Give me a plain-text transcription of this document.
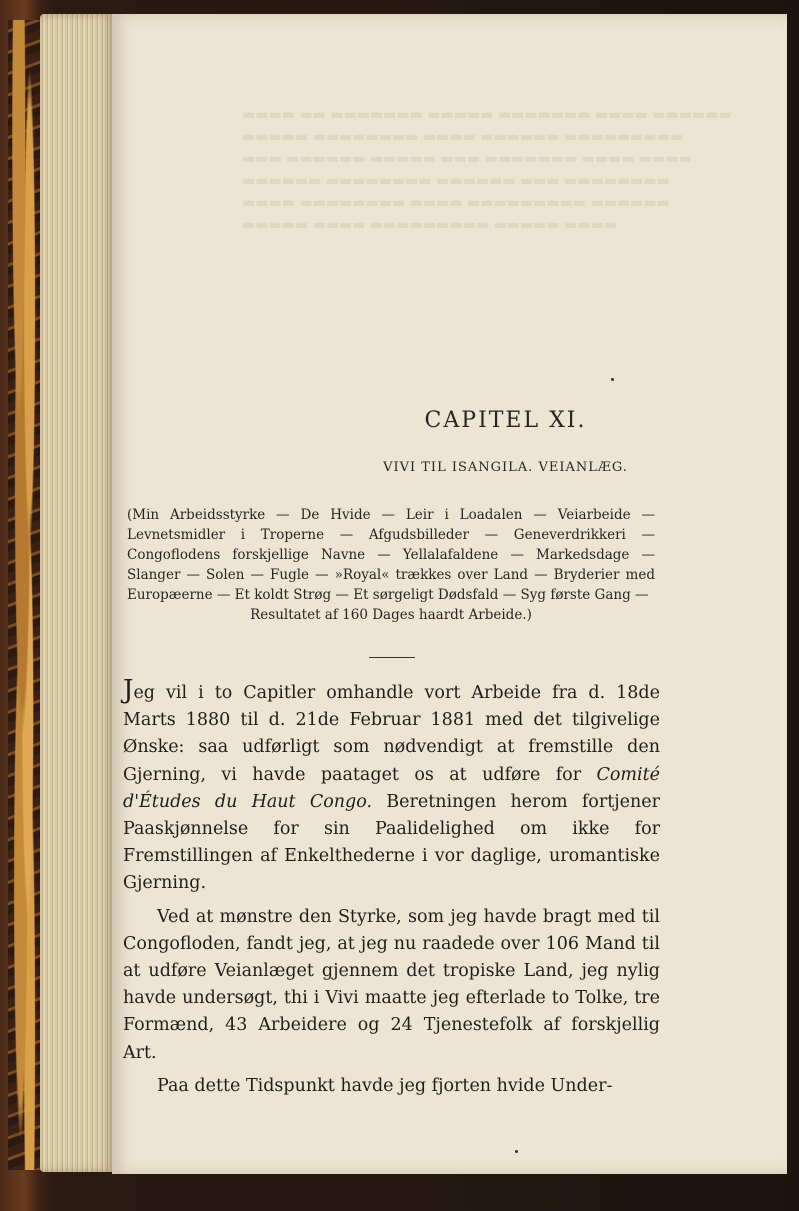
▬▬▬▬ ▬▬ ▬▬▬▬▬▬▬ ▬▬▬▬▬ ▬▬▬▬▬▬▬ ▬▬▬▬ ▬▬▬▬▬▬
▬▬▬▬▬ ▬▬▬▬▬▬▬▬ ▬▬▬▬ ▬▬▬▬▬▬ ▬▬▬▬▬▬▬▬▬
▬▬▬ ▬▬▬▬▬▬ ▬▬▬▬▬ ▬▬▬ ▬▬▬▬▬▬▬ ▬▬▬▬ ▬▬▬▬
▬▬▬▬▬▬ ▬▬▬▬▬▬▬▬ ▬▬▬▬▬▬ ▬▬▬ ▬▬▬▬▬▬▬▬
▬▬▬▬ ▬▬▬▬▬▬▬▬ ▬▬▬▬ ▬▬▬▬▬▬▬▬▬ ▬▬▬▬▬▬
▬▬▬▬▬ ▬▬▬▬ ▬▬▬▬▬▬▬▬▬ ▬▬▬▬▬ ▬▬▬▬
CAPITEL XI.
VIVI TIL ISANGILA. VEIANLÆG.
(Min Arbeidsstyrke — De Hvide — Leir i Loadalen — Veiarbeide — Levnetsmidler i Troperne — Afgudsbilleder — Geneverdrikkeri — Congoflodens forskjellige Navne — Yellalafaldene — Markedsdage — Slanger — Solen — Fugle — »Royal« trækkes over Land — Bryderier med Europæerne — Et koldt Strøg — Et sørgeligt Dødsfald — Syg første Gang —
Resultatet af 160 Dages haardt Arbeide.)

Jeg vil i to Capitler omhandle vort Arbeide fra d. 18de Marts 1880 til d. 21de Februar 1881 med det tilgivelige Ønske: saa udførligt som nødvendigt at fremstille den Gjerning, vi havde paataget os at udføre for Comité d'Études du Haut Congo. Beretningen herom fortjener Paaskjønnelse for sin Paalidelighed om ikke for Fremstillingen af Enkelthederne i vor daglige, uromantiske Gjerning.

Ved at mønstre den Styrke, som jeg havde bragt med til Congofloden, fandt jeg, at jeg nu raadede over 106 Mand til at udføre Veianlæget gjennem det tropiske Land, jeg nylig havde undersøgt, thi i Vivi maatte jeg efterlade to Tolke, tre Formænd, 43 Arbeidere og 24 Tjenestefolk af forskjellig Art.

Paa dette Tidspunkt havde jeg fjorten hvide Under-
